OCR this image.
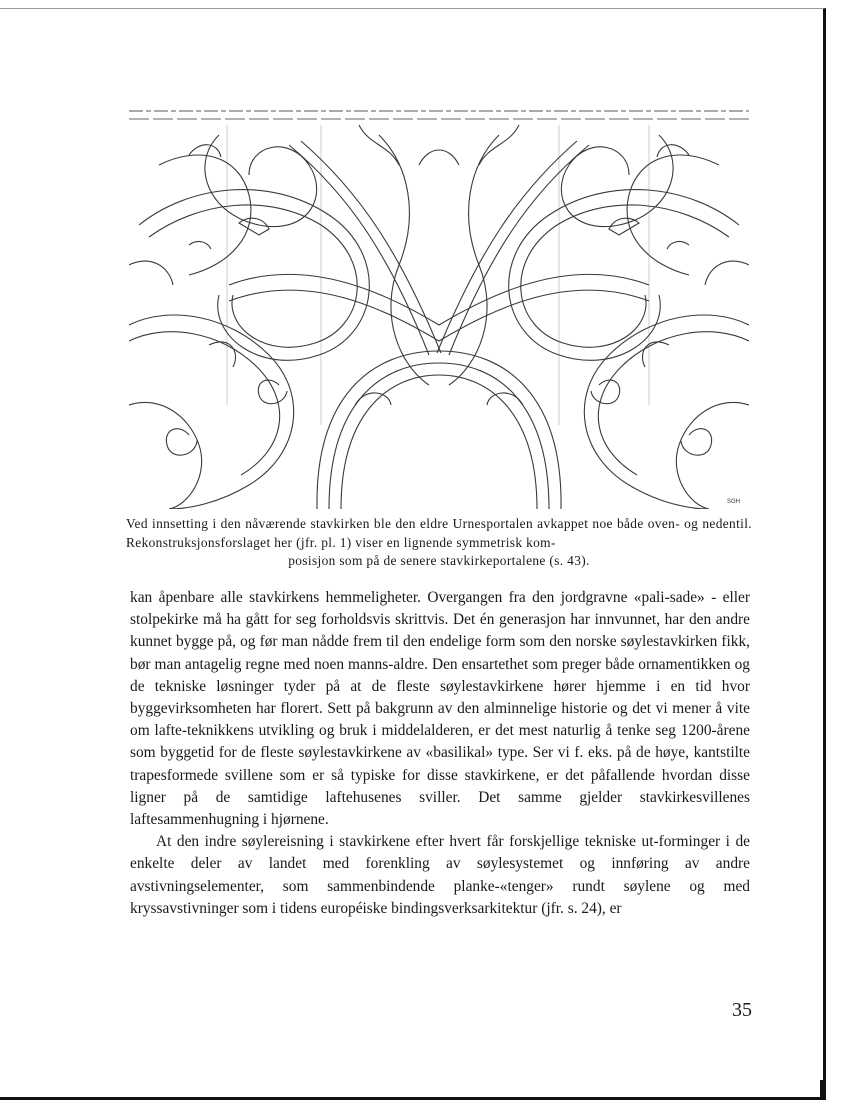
SGH
Ved innsetting i den nåværende stavkirken ble den eldre Urnesportalen avkappet noe både oven- og nedentil. Rekonstruksjonsforslaget her (jfr. pl. 1) viser en lignende symmetrisk kom-
posisjon som på de senere stavkirkeportalene (s. 43).

kan åpenbare alle stavkirkens hemmeligheter. Overgangen fra den jordgravne «pali-sade» - eller stolpekirke må ha gått for seg forholdsvis skrittvis. Det én generasjon har innvunnet, har den andre kunnet bygge på, og før man nådde frem til den endelige form som den norske søylestavkirken fikk, bør man antagelig regne med noen manns-aldre. Den ensartethet som preger både ornamentikken og de tekniske løsninger tyder på at de fleste søylestavkirkene hører hjemme i en tid hvor byggevirksomheten har florert. Sett på bakgrunn av den alminnelige historie og det vi mener å vite om lafte-teknikkens utvikling og bruk i middelalderen, er det mest naturlig å tenke seg 1200-årene som byggetid for de fleste søylestavkirkene av «basilikal» type. Ser vi f. eks. på de høye, kantstilte trapesformede svillene som er så typiske for disse stavkirkene, er det påfallende hvordan disse ligner på de samtidige laftehusenes sviller. Det samme gjelder stavkirkesvillenes laftesammenhugning i hjørnene.

At den indre søylereisning i stavkirkene efter hvert får forskjellige tekniske ut-forminger i de enkelte deler av landet med forenkling av søylesystemet og innføring av andre avstivningselementer, som sammenbindende planke-«tenger» rundt søylene og med kryssavstivninger som i tidens européiske bindingsverksarkitektur (jfr. s. 24), er

35
